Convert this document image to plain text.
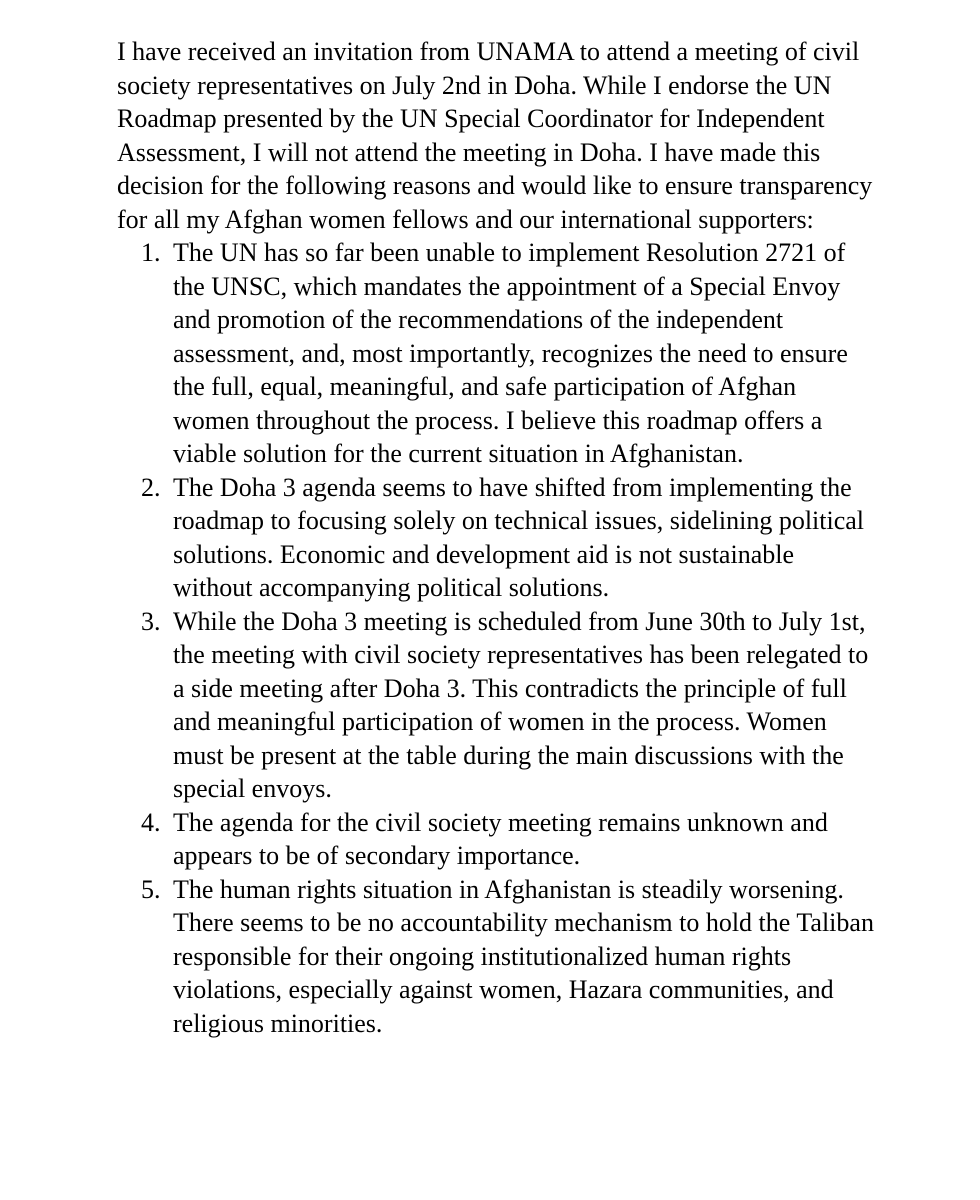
I have received an invitation from UNAMA to attend a meeting of civil society representatives on July 2nd in Doha. While I endorse the UN Roadmap presented by the UN Special Coordinator for Independent Assessment, I will not attend the meeting in Doha. I have made this decision for the following reasons and would like to ensure transparency for all my Afghan women fellows and our international supporters:

1. The UN has so far been unable to implement Resolution 2721 of the UNSC, which mandates the appointment of a Special Envoy and promotion of the recommendations of the independent assessment, and, most importantly, recognizes the need to ensure the full, equal, meaningful, and safe participation of Afghan women throughout the process. I believe this roadmap offers a viable solution for the current situation in Afghanistan.
2. The Doha 3 agenda seems to have shifted from implementing the roadmap to focusing solely on technical issues, sidelining political solutions. Economic and development aid is not sustainable without accompanying political solutions.
3. While the Doha 3 meeting is scheduled from June 30th to July 1st, the meeting with civil society representatives has been relegated to a side meeting after Doha 3. This contradicts the principle of full and meaningful participation of women in the process. Women must be present at the table during the main discussions with the special envoys.
4. The agenda for the civil society meeting remains unknown and appears to be of secondary importance.
5. The human rights situation in Afghanistan is steadily worsening. There seems to be no accountability mechanism to hold the Taliban responsible for their ongoing institutionalized human rights violations, especially against women, Hazara communities, and religious minorities.
